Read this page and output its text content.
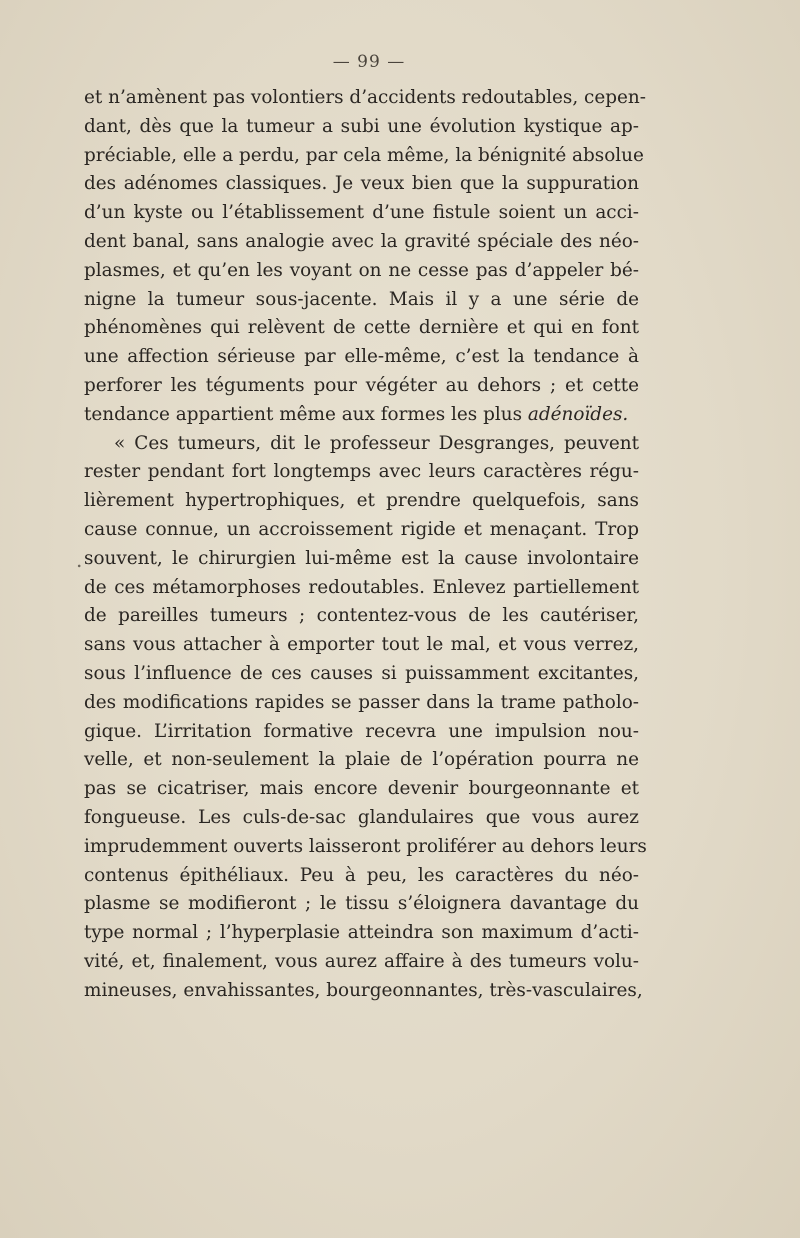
— 99 —
.
et n’amènent pas volontiers d’accidents redoutables, cepen-
dant, dès que la tumeur a subi une évolution kystique ap-
préciable, elle a perdu, par cela même, la bénignité absolue
des adénomes classiques. Je veux bien que la suppuration
d’un kyste ou l’établissement d’une fistule soient un acci-
dent banal, sans analogie avec la gravité spéciale des néo-
plasmes, et qu’en les voyant on ne cesse pas d’appeler bé-
nigne la tumeur sous-jacente. Mais il y a une série de
phénomènes qui relèvent de cette dernière et qui en font
une affection sérieuse par elle-même, c’est la tendance à
perforer les téguments pour végéter au dehors ; et cette
tendance appartient même aux formes les plus adénoïdes.
« Ces tumeurs, dit le professeur Desgranges, peuvent
rester pendant fort longtemps avec leurs caractères régu-
lièrement hypertrophiques, et prendre quelquefois, sans
cause connue, un accroissement rigide et menaçant. Trop
souvent, le chirurgien lui-même est la cause involontaire
de ces métamorphoses redoutables. Enlevez partiellement
de pareilles tumeurs ; contentez-vous de les cautériser,
sans vous attacher à emporter tout le mal, et vous verrez,
sous l’influence de ces causes si puissamment excitantes,
des modifications rapides se passer dans la trame patholo-
gique. L’irritation formative recevra une impulsion nou-
velle, et non-seulement la plaie de l’opération pourra ne
pas se cicatriser, mais encore devenir bourgeonnante et
fongueuse. Les culs-de-sac glandulaires que vous aurez
imprudemment ouverts laisseront proliférer au dehors leurs
contenus épithéliaux. Peu à peu, les caractères du néo-
plasme se modifieront ; le tissu s’éloignera davantage du
type normal ; l’hyperplasie atteindra son maximum d’acti-
vité, et, finalement, vous aurez affaire à des tumeurs volu-
mineuses, envahissantes, bourgeonnantes, très-vasculaires,
